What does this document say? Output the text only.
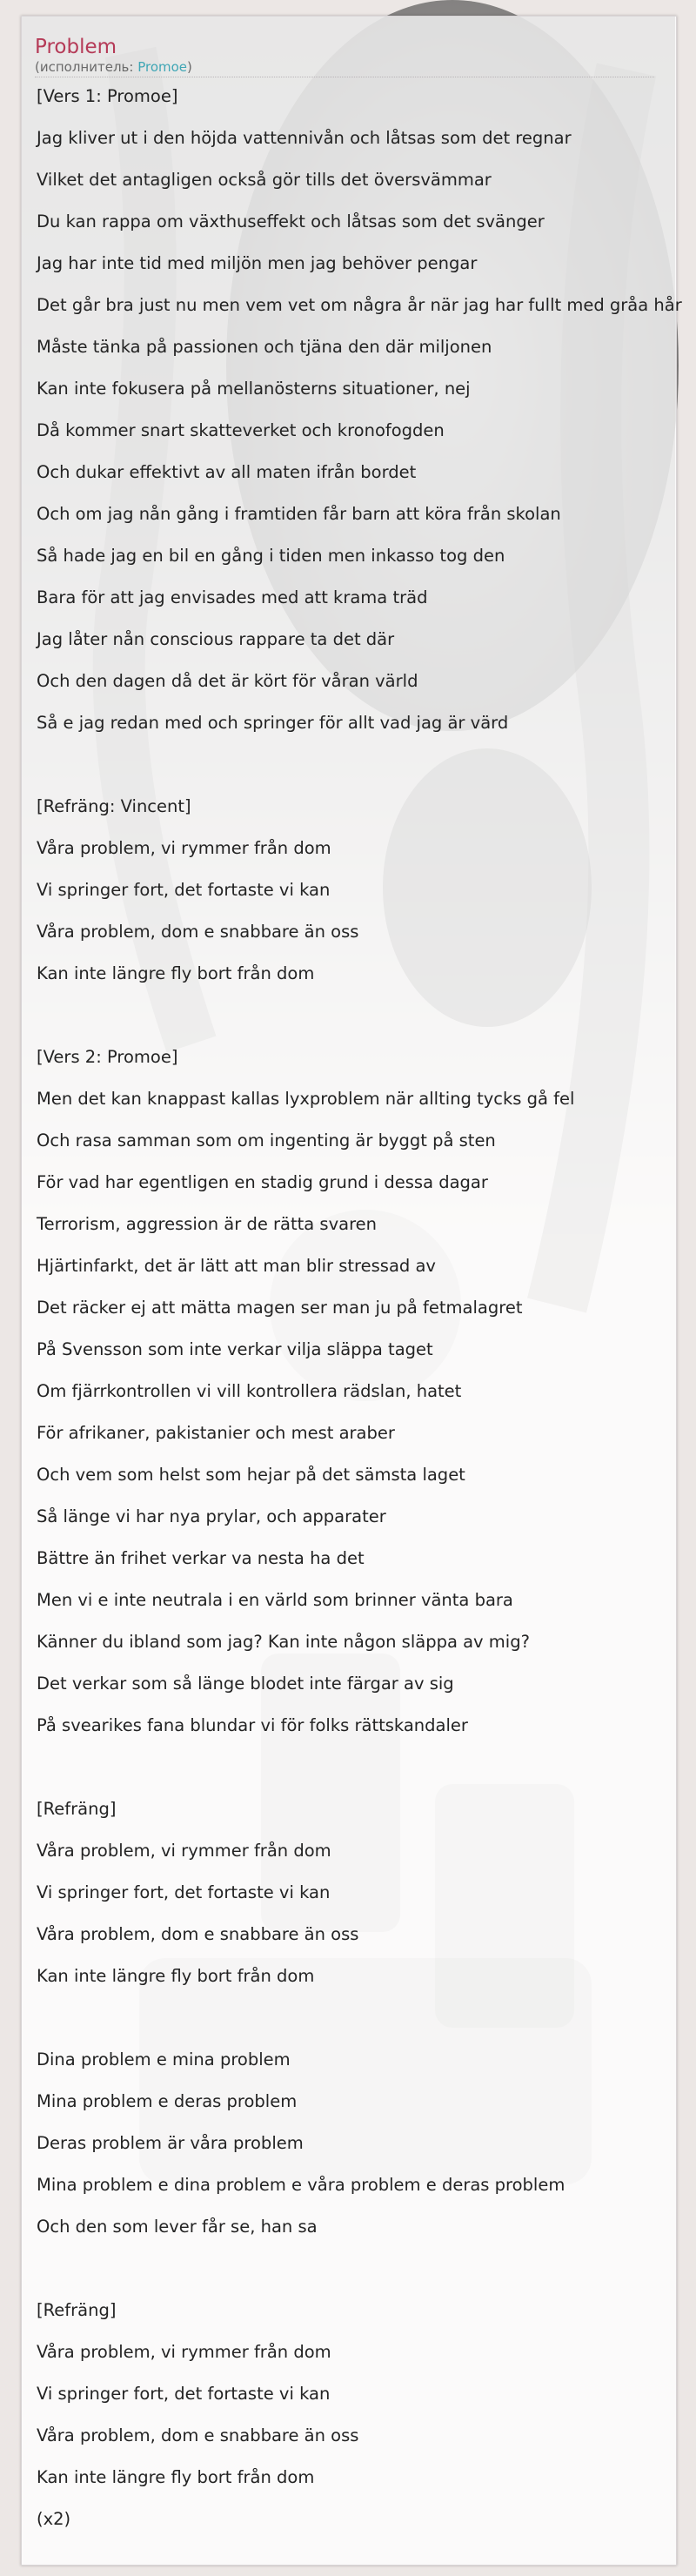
Problem
(исполнитель: Promoe)
[Vers 1: Promoe]
Jag kliver ut i den höjda vattennivån och låtsas som det regnar
Vilket det antagligen också gör tills det översvämmar
Du kan rappa om växthuseffekt och låtsas som det svänger
Jag har inte tid med miljön men jag behöver pengar
Det går bra just nu men vem vet om några år när jag har fullt med gråa hår
Måste tänka på passionen och tjäna den där miljonen
Kan inte fokusera på mellanösterns situationer, nej
Då kommer snart skatteverket och kronofogden
Och dukar effektivt av all maten ifrån bordet
Och om jag nån gång i framtiden får barn att köra från skolan
Så hade jag en bil en gång i tiden men inkasso tog den
Bara för att jag envisades med att krama träd
Jag låter nån conscious rappare ta det där
Och den dagen då det är kört för våran värld
Så e jag redan med och springer för allt vad jag är värd
[Refräng: Vincent]
Våra problem, vi rymmer från dom
Vi springer fort, det fortaste vi kan
Våra problem, dom e snabbare än oss
Kan inte längre fly bort från dom
[Vers 2: Promoe]
Men det kan knappast kallas lyxproblem när allting tycks gå fel
Och rasa samman som om ingenting är byggt på sten
För vad har egentligen en stadig grund i dessa dagar
Terrorism, aggression är de rätta svaren
Hjärtinfarkt, det är lätt att man blir stressad av
Det räcker ej att mätta magen ser man ju på fetmalagret
På Svensson som inte verkar vilja släppa taget
Om fjärrkontrollen vi vill kontrollera rädslan, hatet
För afrikaner, pakistanier och mest araber
Och vem som helst som hejar på det sämsta laget
Så länge vi har nya prylar, och apparater
Bättre än frihet verkar va nesta ha det
Men vi e inte neutrala i en värld som brinner vänta bara
Känner du ibland som jag? Kan inte någon släppa av mig?
Det verkar som så länge blodet inte färgar av sig
På svearikes fana blundar vi för folks rättskandaler
[Refräng]
Våra problem, vi rymmer från dom
Vi springer fort, det fortaste vi kan
Våra problem, dom e snabbare än oss
Kan inte längre fly bort från dom
Dina problem e mina problem
Mina problem e deras problem
Deras problem är våra problem
Mina problem e dina problem e våra problem e deras problem
Och den som lever får se, han sa
[Refräng]
Våra problem, vi rymmer från dom
Vi springer fort, det fortaste vi kan
Våra problem, dom e snabbare än oss
Kan inte längre fly bort från dom
(x2)
